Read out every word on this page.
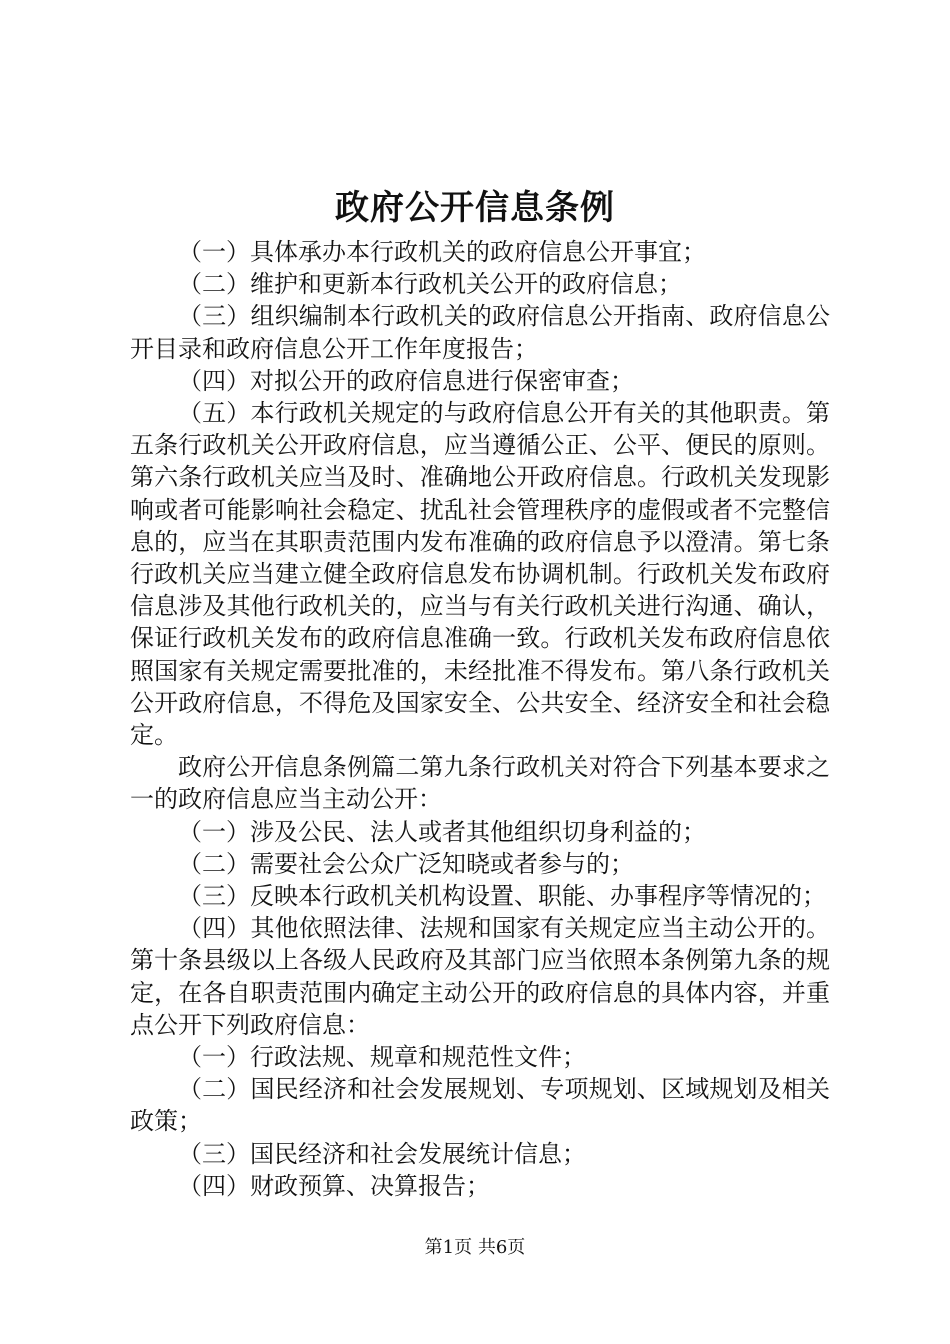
政府公开信息条例

（一）具体承办本行政机关的政府信息公开事宜；

（二）维护和更新本行政机关公开的政府信息；

（三）组织编制本行政机关的政府信息公开指南、政府信息公开目录和政府信息公开工作年度报告；

（四）对拟公开的政府信息进行保密审查；

（五）本行政机关规定的与政府信息公开有关的其他职责。第五条行政机关公开政府信息，应当遵循公正、公平、便民的原则。第六条行政机关应当及时、准确地公开政府信息。行政机关发现影响或者可能影响社会稳定、扰乱社会管理秩序的虚假或者不完整信息的，应当在其职责范围内发布准确的政府信息予以澄清。第七条行政机关应当建立健全政府信息发布协调机制。行政机关发布政府信息涉及其他行政机关的，应当与有关行政机关进行沟通、确认，保证行政机关发布的政府信息准确一致。行政机关发布政府信息依照国家有关规定需要批准的，未经批准不得发布。第八条行政机关公开政府信息，不得危及国家安全、公共安全、经济安全和社会稳定。

政府公开信息条例篇二第九条行政机关对符合下列基本要求之一的政府信息应当主动公开：

（一）涉及公民、法人或者其他组织切身利益的；

（二）需要社会公众广泛知晓或者参与的；

（三）反映本行政机关机构设置、职能、办事程序等情况的；

（四）其他依照法律、法规和国家有关规定应当主动公开的。第十条县级以上各级人民政府及其部门应当依照本条例第九条的规定，在各自职责范围内确定主动公开的政府信息的具体内容，并重点公开下列政府信息：

（一）行政法规、规章和规范性文件；

（二）国民经济和社会发展规划、专项规划、区域规划及相关政策；

（三）国民经济和社会发展统计信息；

（四）财政预算、决算报告；

第1页 共6页
